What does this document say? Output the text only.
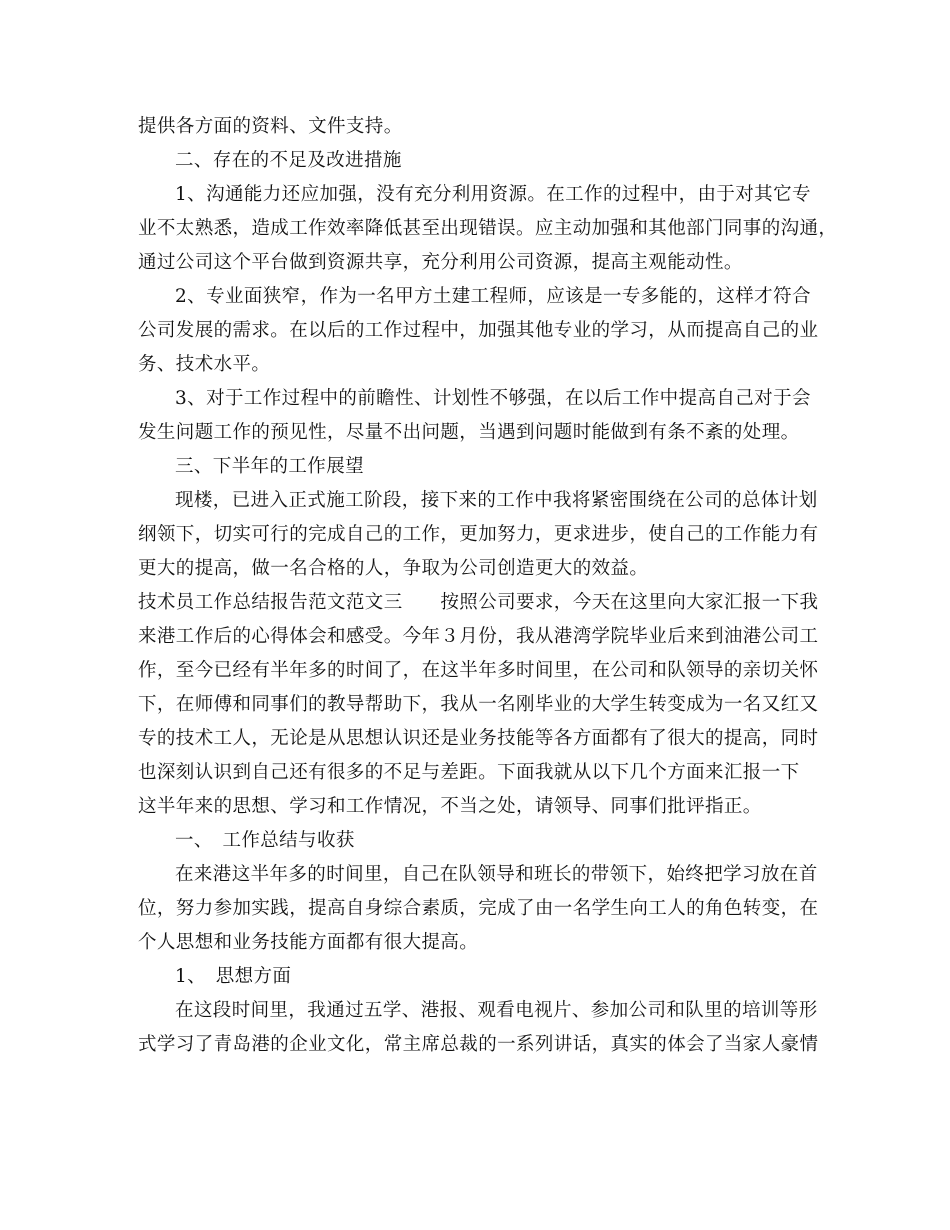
提供各方面的资料、文件支持。
二、存在的不足及改进措施
1、沟通能力还应加强，没有充分利用资源。在工作的过程中，由于对其它专
业不太熟悉，造成工作效率降低甚至出现错误。应主动加强和其他部门同事的沟通，
通过公司这个平台做到资源共享，充分利用公司资源，提高主观能动性。
2、专业面狭窄，作为一名甲方土建工程师，应该是一专多能的，这样才符合
公司发展的需求。在以后的工作过程中，加强其他专业的学习，从而提高自己的业
务、技术水平。
3、对于工作过程中的前瞻性、计划性不够强，在以后工作中提高自己对于会
发生问题工作的预见性，尽量不出问题，当遇到问题时能做到有条不紊的处理。
三、下半年的工作展望
现楼，已进入正式施工阶段，接下来的工作中我将紧密围绕在公司的总体计划
纲领下，切实可行的完成自己的工作，更加努力，更求进步，使自己的工作能力有
更大的提高，做一名合格的人，争取为公司创造更大的效益。
技术员工作总结报告范文范文三　　按照公司要求，今天在这里向大家汇报一下我
来港工作后的心得体会和感受。今年３月份，我从港湾学院毕业后来到油港公司工
作，至今已经有半年多的时间了，在这半年多时间里，在公司和队领导的亲切关怀
下，在师傅和同事们的教导帮助下，我从一名刚毕业的大学生转变成为一名又红又
专的技术工人，无论是从思想认识还是业务技能等各方面都有了很大的提高，同时
也深刻认识到自己还有很多的不足与差距。下面我就从以下几个方面来汇报一下
这半年来的思想、学习和工作情况，不当之处，请领导、同事们批评指正。
一、　工作总结与收获
在来港这半年多的时间里，自己在队领导和班长的带领下，始终把学习放在首
位，努力参加实践，提高自身综合素质，完成了由一名学生向工人的角色转变，在
个人思想和业务技能方面都有很大提高。
1、　思想方面
在这段时间里，我通过五学、港报、观看电视片、参加公司和队里的培训等形
式学习了青岛港的企业文化，常主席总裁的一系列讲话，真实的体会了当家人豪情
